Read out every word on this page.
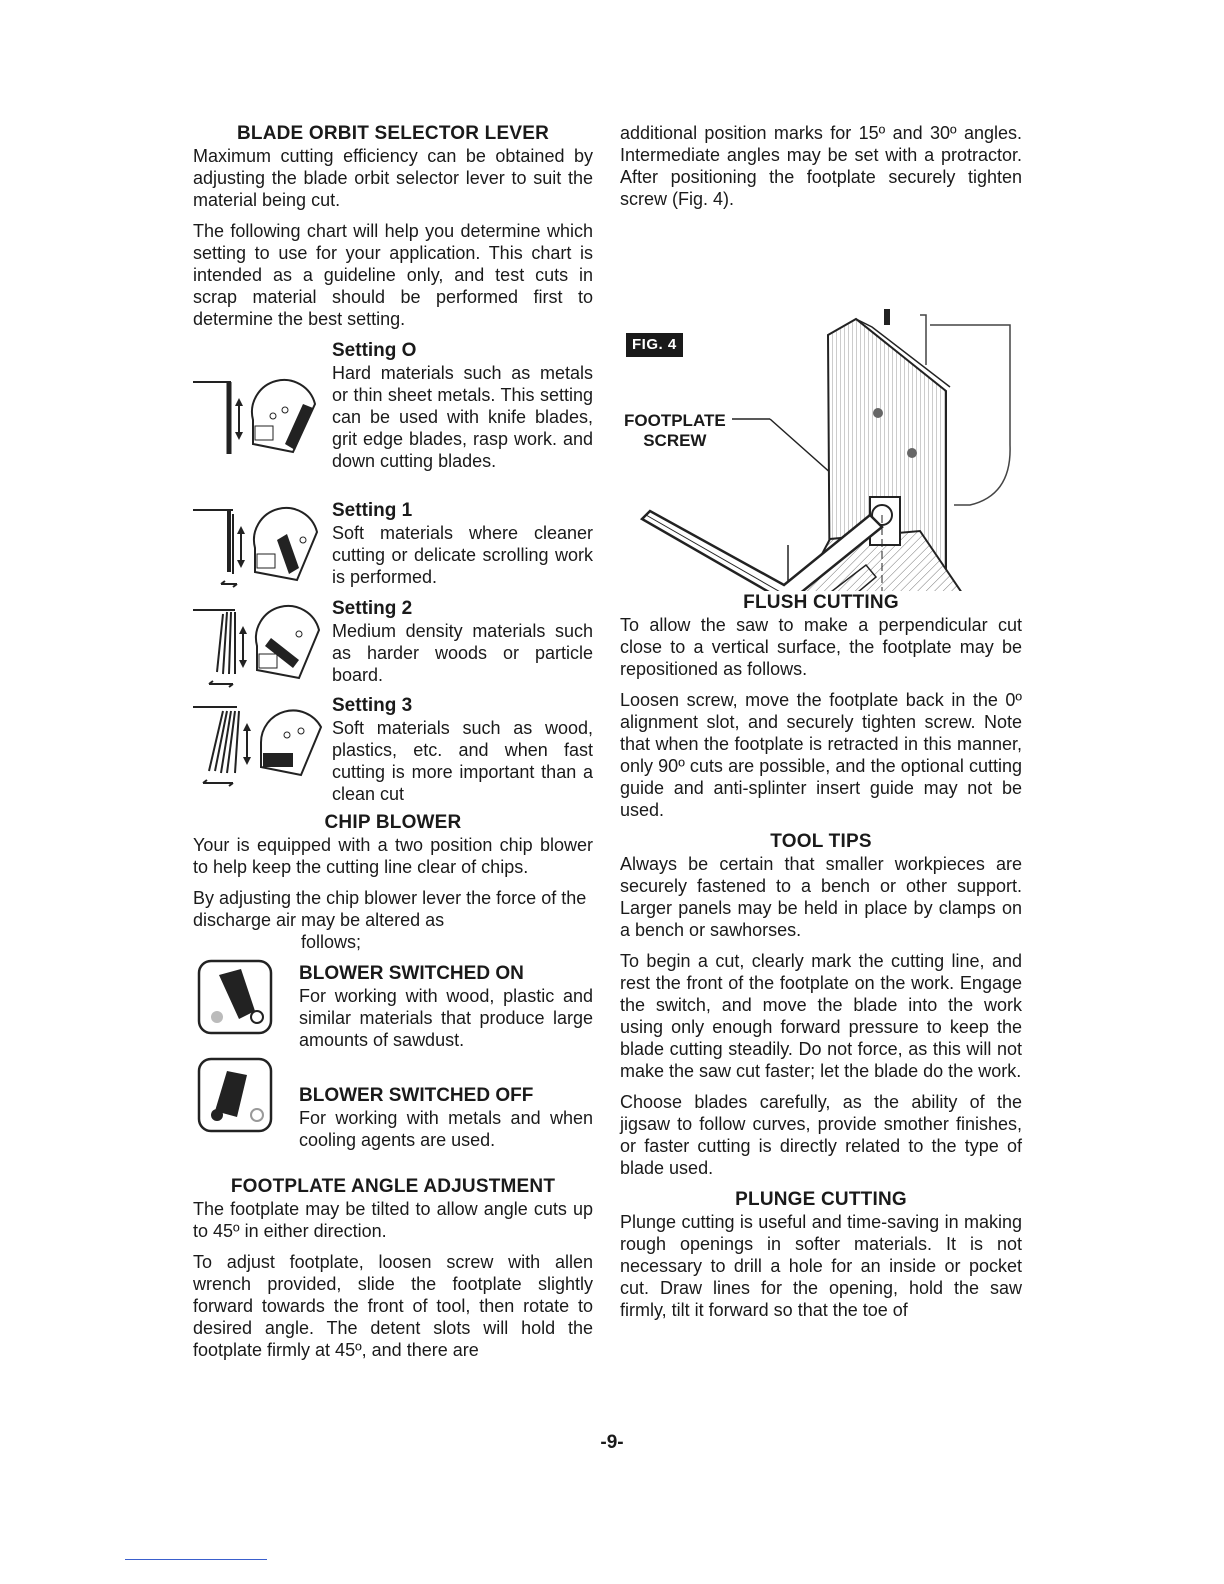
BLADE ORBIT SELECTOR LEVER

Maximum cutting efficiency can be obtained by adjusting the blade orbit selector lever to suit the material being cut.

The following chart will help you determine which setting to use for your application. This chart is intended as a guideline only, and test cuts in scrap material should be performed first to determine the best setting.

Setting O

Hard materials such as metals or thin sheet metals. This setting can be used with knife blades, grit edge blades, rasp work. and down cutting blades.

Setting 1

Soft materials where cleaner cutting or delicate scrolling work is performed.

Setting 2

Medium density materials such as harder woods or particle board.

Setting 3

Soft materials such as wood, plastics, etc. and when fast cutting is more important than a clean cut

CHIP BLOWER

Your is equipped with a two position chip blower to help keep the cutting line clear of chips.

By adjusting the chip blower lever the force of the discharge air may be altered as

follows;

BLOWER SWITCHED ON

For working with wood, plastic and similar materials that produce large amounts of sawdust.

BLOWER SWITCHED OFF

For working with metals and when cooling agents are used.

FOOTPLATE ANGLE ADJUSTMENT

The footplate may be tilted to allow angle cuts up to 45º in either direction.

To adjust footplate, loosen screw with allen wrench provided, slide the footplate slightly forward towards the front of tool, then rotate to desired angle. The detent slots will hold the footplate firmly at 45º, and there are

additional position marks for 15º and 30º angles. Intermediate angles may be set with a protractor. After positioning the footplate securely tighten screw (Fig. 4).

FIG. 4
FOOTPLATE
SCREW
FLUSH CUTTING

To allow the saw to make a perpendicular cut close to a vertical surface, the footplate may be repositioned as follows.

Loosen screw, move the footplate back in the 0º alignment slot, and securely tighten screw. Note that when the footplate is retracted in this manner, only 90º cuts are possible, and the optional cutting guide and anti-splinter insert guide may not be used.

TOOL TIPS

Always be certain that smaller workpieces are securely fastened to a bench or other support. Larger panels may be held in place by clamps on a bench or sawhorses.

To begin a cut, clearly mark the cutting line, and rest the front of the footplate on the work. Engage the switch, and move the blade into the work using only enough forward pressure to keep the blade cutting steadily. Do not force, as this will not make the saw cut faster; let the blade do the work.

Choose blades carefully, as the ability of the jigsaw to follow curves, provide smother finishes, or faster cutting is directly related to the type of blade used.

PLUNGE CUTTING

Plunge cutting is useful and time-saving in making rough openings in softer materials. It is not necessary to drill a hole for an inside or pocket cut. Draw lines for the opening, hold the saw firmly, tilt it forward so that the toe of

-9-
